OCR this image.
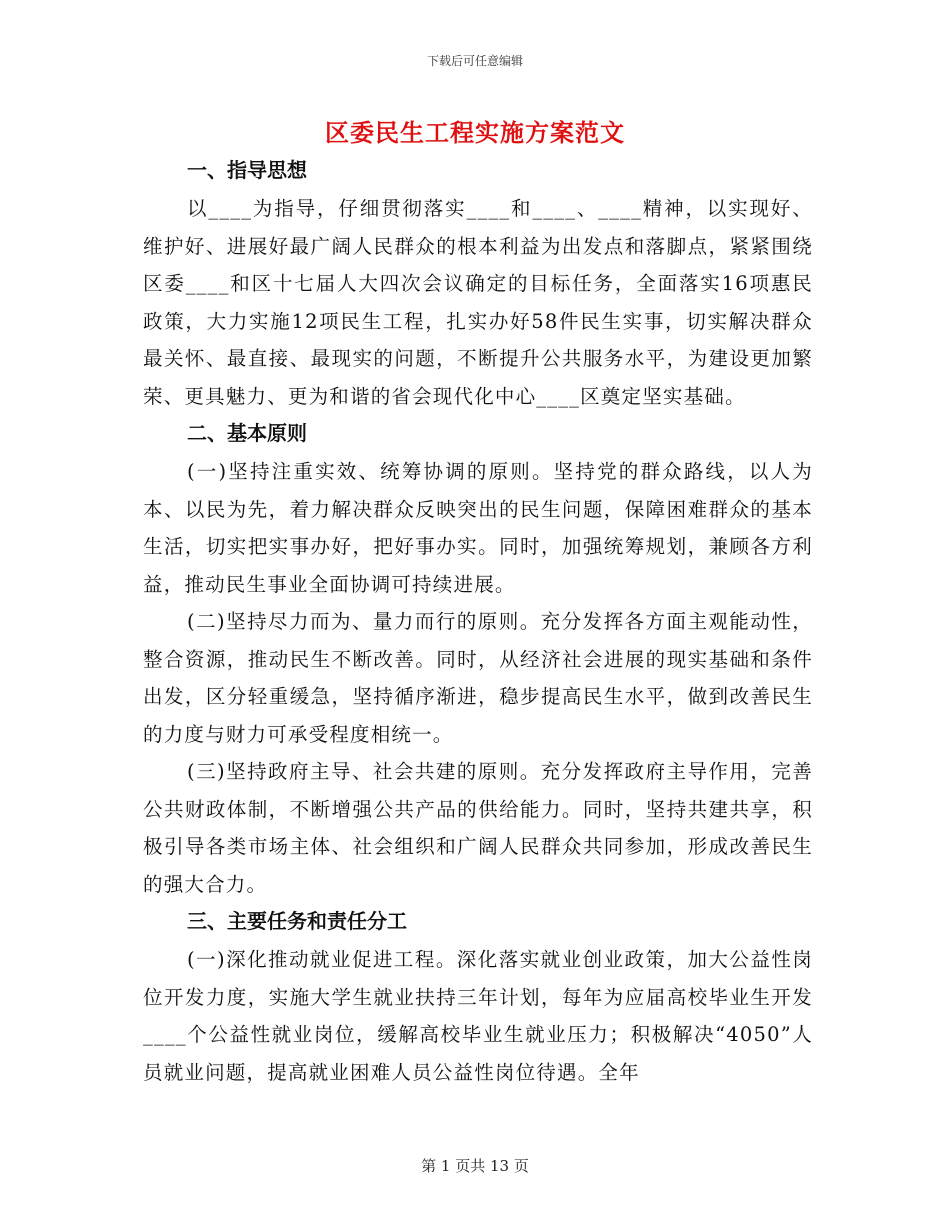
下载后可任意编辑
区委民生工程实施方案范文
一、指导思想

以____为指导，仔细贯彻落实____和____、____精神，以实现好、维护好、进展好最广阔人民群众的根本利益为出发点和落脚点，紧紧围绕区委____和区十七届人大四次会议确定的目标任务，全面落实16项惠民政策，大力实施12项民生工程，扎实办好58件民生实事，切实解决群众最关怀、最直接、最现实的问题，不断提升公共服务水平，为建设更加繁荣、更具魅力、更为和谐的省会现代化中心____区奠定坚实基础。

二、基本原则

(一)坚持注重实效、统筹协调的原则。坚持党的群众路线，以人为本、以民为先，着力解决群众反映突出的民生问题，保障困难群众的基本生活，切实把实事办好，把好事办实。同时，加强统筹规划，兼顾各方利益，推动民生事业全面协调可持续进展。

(二)坚持尽力而为、量力而行的原则。充分发挥各方面主观能动性，整合资源，推动民生不断改善。同时，从经济社会进展的现实基础和条件出发，区分轻重缓急，坚持循序渐进，稳步提高民生水平，做到改善民生的力度与财力可承受程度相统一。

(三)坚持政府主导、社会共建的原则。充分发挥政府主导作用，完善公共财政体制，不断增强公共产品的供给能力。同时，坚持共建共享，积极引导各类市场主体、社会组织和广阔人民群众共同参加，形成改善民生的强大合力。

三、主要任务和责任分工

(一)深化推动就业促进工程。深化落实就业创业政策，加大公益性岗位开发力度，实施大学生就业扶持三年计划，每年为应届高校毕业生开发____个公益性就业岗位，缓解高校毕业生就业压力；积极解决“4050”人员就业问题，提高就业困难人员公益性岗位待遇。全年

第 1 页共 13 页
